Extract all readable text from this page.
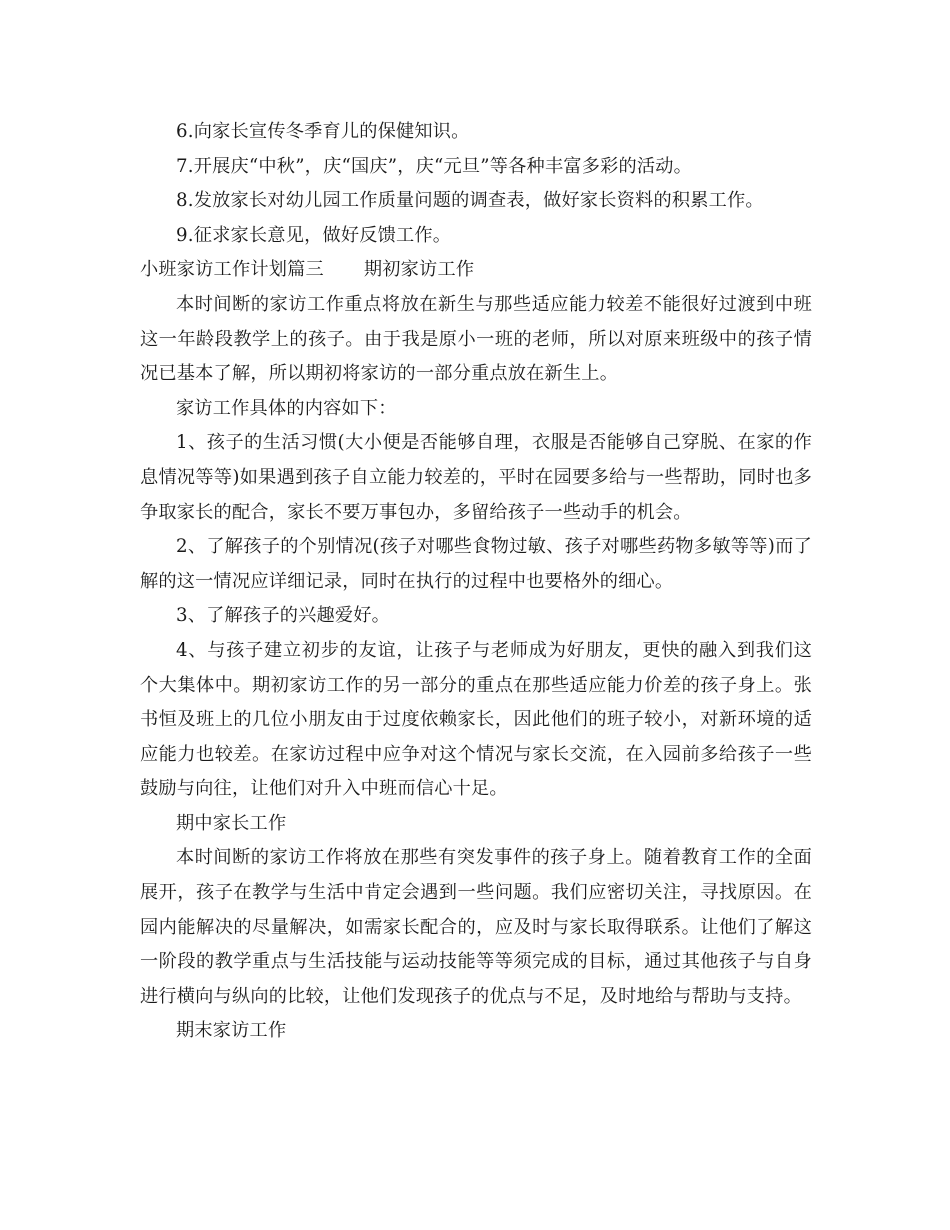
6.向家长宣传冬季育儿的保健知识。

7.开展庆“中秋”，庆“国庆”，庆“元旦”等各种丰富多彩的活动。

8.发放家长对幼儿园工作质量问题的调查表，做好家长资料的积累工作。

9.征求家长意见，做好反馈工作。

小班家访工作计划篇三 期初家访工作

本时间断的家访工作重点将放在新生与那些适应能力较差不能很好过渡到中班这一年龄段教学上的孩子。由于我是原小一班的老师，所以对原来班级中的孩子情况已基本了解，所以期初将家访的一部分重点放在新生上。

家访工作具体的内容如下：

1、孩子的生活习惯(大小便是否能够自理，衣服是否能够自己穿脱、在家的作息情况等等)如果遇到孩子自立能力较差的，平时在园要多给与一些帮助，同时也多争取家长的配合，家长不要万事包办，多留给孩子一些动手的机会。

2、了解孩子的个别情况(孩子对哪些食物过敏、孩子对哪些药物多敏等等)而了解的这一情况应详细记录，同时在执行的过程中也要格外的细心。

3、了解孩子的兴趣爱好。

4、与孩子建立初步的友谊，让孩子与老师成为好朋友，更快的融入到我们这个大集体中。期初家访工作的另一部分的重点在那些适应能力价差的孩子身上。张书恒及班上的几位小朋友由于过度依赖家长，因此他们的班子较小，对新环境的适应能力也较差。在家访过程中应争对这个情况与家长交流，在入园前多给孩子一些鼓励与向往，让他们对升入中班而信心十足。

期中家长工作

本时间断的家访工作将放在那些有突发事件的孩子身上。随着教育工作的全面展开，孩子在教学与生活中肯定会遇到一些问题。我们应密切关注，寻找原因。在园内能解决的尽量解决，如需家长配合的，应及时与家长取得联系。让他们了解这一阶段的教学重点与生活技能与运动技能等等须完成的目标，通过其他孩子与自身进行横向与纵向的比较，让他们发现孩子的优点与不足，及时地给与帮助与支持。

期末家访工作
